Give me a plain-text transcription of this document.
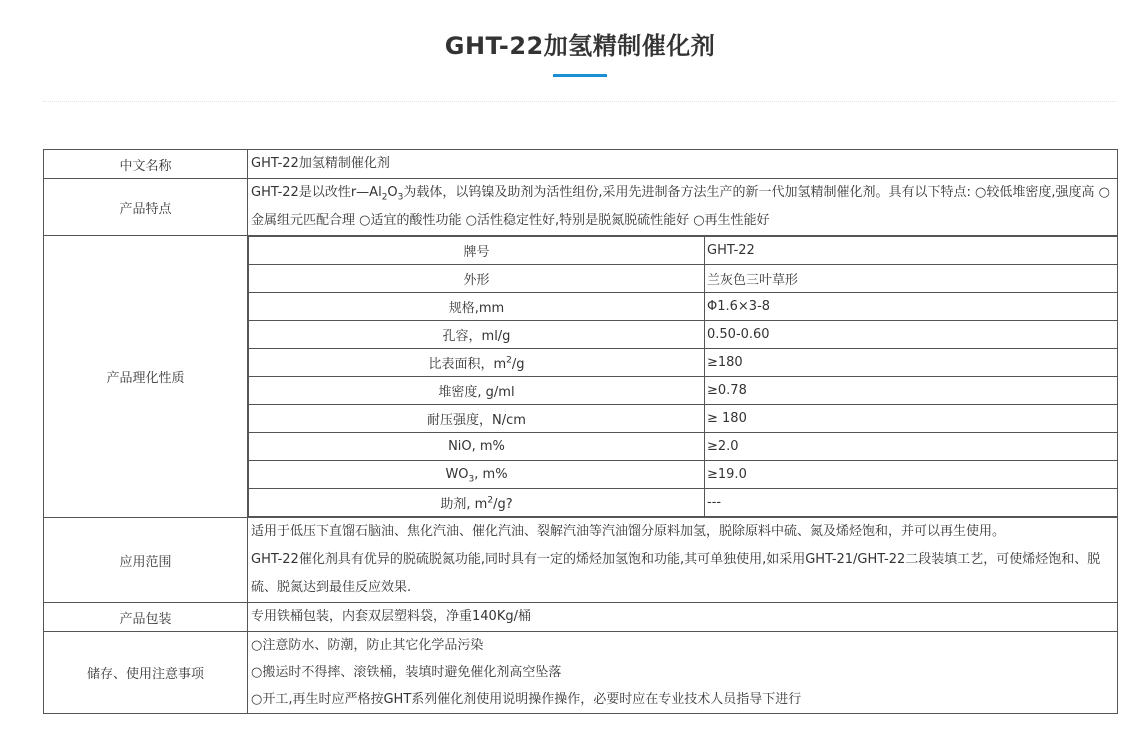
GHT-22加氢精制催化剂
中文名称	GHT-22加氢精制催化剂
产品特点	GHT-22是以改性$r—Al_2O_3$为载体，以钨镍及助剂为活性组份,采用先进制备方法生产的新一代加氢精制催化剂。具有以下特点: ○较低堆密度,强度高 ○金属组元匹配合理 ○适宜的酸性功能 ○活性稳定性好,特别是脱氮脱硫性能好 ○再生性能好
产品理化性质	
牌号	GHT-22
外形	兰灰色三叶草形
规格,mm	Φ1.6×3-8
孔容，ml/g	0.50-0.60
比表面积，$m^2/g$	≥180
堆密度, g/ml	≥0.78
耐压强度，N/cm	≥ 180
NiO, m%	≥2.0
$WO_3$, m%	≥19.0
助剂, $m^2/g$?	---

应用范围	
适用于低压下直馏石脑油、焦化汽油、催化汽油、裂解汽油等汽油馏分原料加氢，脱除原料中硫、氮及烯烃饱和，并可以再生使用。
GHT-22催化剂具有优异的脱硫脱氮功能,同时具有一定的烯烃加氢饱和功能,其可单独使用,如采用GHT-21/GHT-22二段装填工艺，可使烯烃饱和、脱硫、脱氮达到最佳反应效果.

产品包装	专用铁桶包装，内套双层塑料袋，净重140Kg/桶
储存、使用注意事项	
○注意防水、防潮，防止其它化学品污染
○搬运时不得摔、滚铁桶，装填时避免催化剂高空坠落
○开工,再生时应严格按GHT系列催化剂使用说明操作操作，必要时应在专业技术人员指导下进行
